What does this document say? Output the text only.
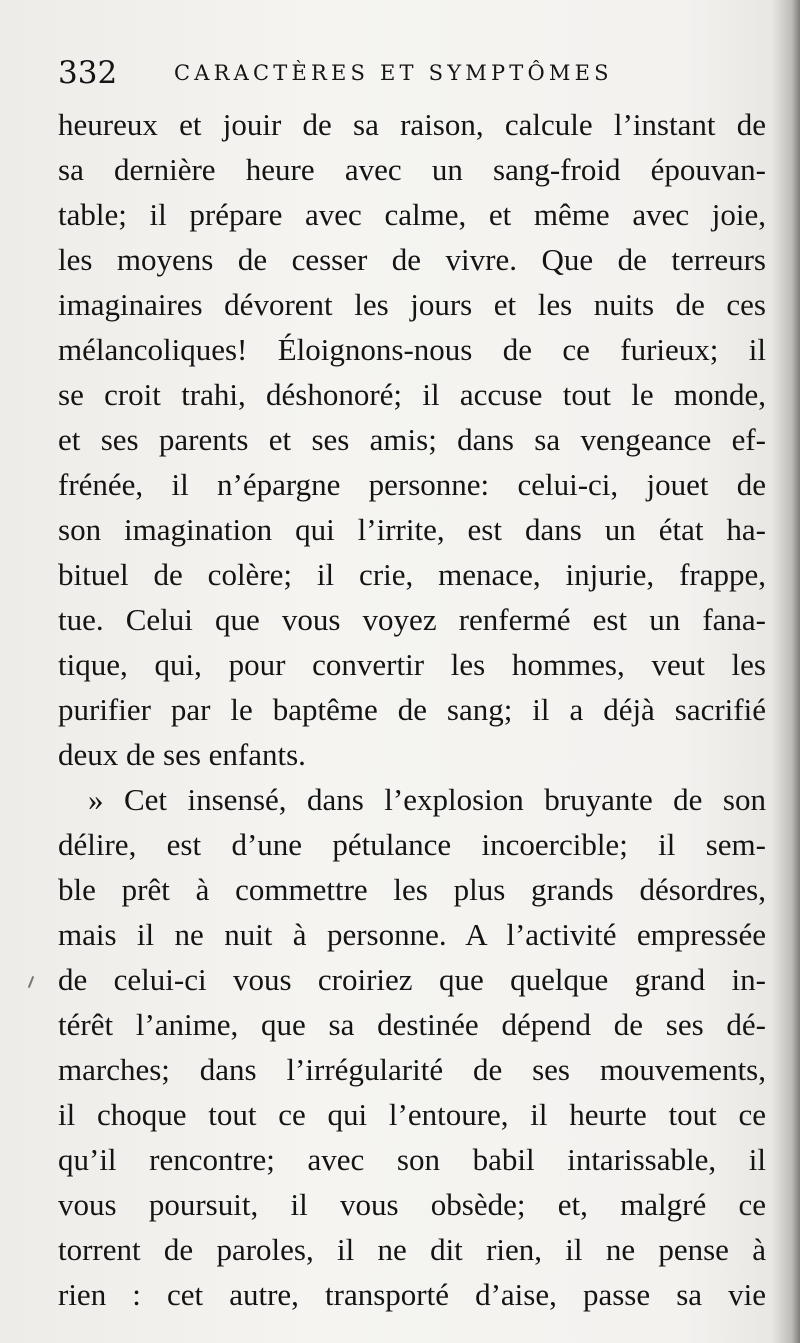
332	CARACTÈRES ET SYMPTÔMES
heureux et jouir de sa raison, calcule l’instant de
sa dernière heure avec un sang-froid épouvan-
table; il prépare avec calme, et même avec joie,
les moyens de cesser de vivre. Que de terreurs
imaginaires dévorent les jours et les nuits de ces
mélancoliques! Éloignons-nous de ce furieux; il
se croit trahi, déshonoré; il accuse tout le monde,
et ses parents et ses amis; dans sa vengeance ef-
frénée, il n’épargne personne: celui-ci, jouet de
son imagination qui l’irrite, est dans un état ha-
bituel de colère; il crie, menace, injurie, frappe,
tue. Celui que vous voyez renfermé est un fana-
tique, qui, pour convertir les hommes, veut les
purifier par le baptême de sang; il a déjà sacrifié
deux de ses enfants.
» Cet insensé, dans l’explosion bruyante de son
délire, est d’une pétulance incoercible; il sem-
ble prêt à commettre les plus grands désordres,
mais il ne nuit à personne. A l’activité empressée
de celui-ci vous croiriez que quelque grand in-
térêt l’anime, que sa destinée dépend de ses dé-
marches; dans l’irrégularité de ses mouvements,
il choque tout ce qui l’entoure, il heurte tout ce
qu’il rencontre; avec son babil intarissable, il
vous poursuit, il vous obsède; et, malgré ce
torrent de paroles, il ne dit rien, il ne pense à
rien : cet autre, transporté d’aise, passe sa vie
